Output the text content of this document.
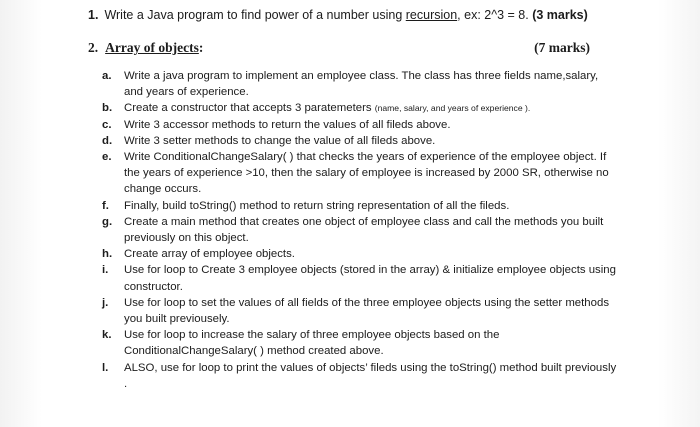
1. Write a Java program to find power of a number using recursion, ex: 2^3 = 8. (3 marks)
2. Array of objects:	(7 marks)
a. Write a java program to implement an employee class. The class has three fields name,salary, and years of experience.
b. Create a constructor that accepts 3 paratemeters (name, salary, and years of experience ).
c. Write 3 accessor methods to return the values of all fileds above.
d. Write 3 setter methods to change the value of all fileds above.
e. Write ConditionalChangeSalary( ) that checks the years of experience of the employee object. If the years of experience >10, then the salary of employee is increased by 2000 SR, otherwise no change occurs.
f. Finally, build toString() method to return string representation of all the fileds.
g. Create a main method that creates one object of employee class and call the methods you built previously on this object.
h. Create array of employee objects.
i. Use for loop to Create 3 employee objects (stored in the array) & initialize employee objects using constructor.
j. Use for loop to set the values of all fields of the three employee objects using the setter methods you built previousely.
k. Use for loop to increase the salary of three employee objects based on the ConditionalChangeSalary( ) method created above.
l. ALSO, use for loop to print the values of objects’ fileds using the toString() method built previously .
